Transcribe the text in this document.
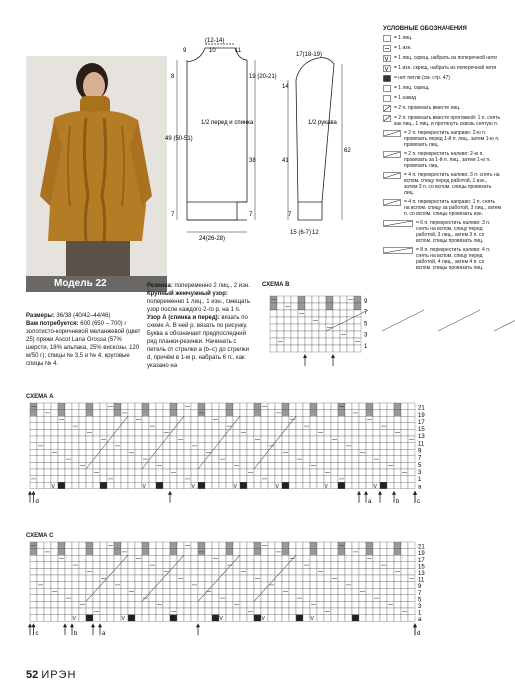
Модель 22
Размеры: 36/38 (40/42–44/46)
Вам потребуется: 600 (650 – 700) г золотисто-коричневой меланжевой (цвет 25) пряжи Ascot Lana Grossa (57% шерсти, 18% альпака, 25% вискозы, 120 м/50 г); спицы № 3,5 и № 4, круговые спицы № 4.
Резинка: попеременно 2 лиц., 2 изн.
Крупный жемчужный узор: попеременно 1 лиц., 1 изн., смещать узор после каждого 2-го р. на 1 п.
Узор А (спинка и перед): вязать по схеме А. В ней р. вязать по рисунку. Буква а обозначает предпоследний ряд планки-резинки. Начинать с петель от стрелки а (b–c) до стрелки d, причём в 1-м р. набрать 6 п., как указано на
(12-14)
9	10	11
8	19 (20-21)
1/2 перед и спинка
49 (50-51)
38
7	7
24(26-28)
17(18-19)
14
1/2 рукава
41
62
7
15 (6-7) 12
УСЛОВНЫЕ ОБОЗНАЧЕНИЯ
= 1 лиц.
= 1 изн.
V = 1 лиц. скрещ. набрать из поперечной нити
V = 1 изн. скрещ. набрать из поперечной нити
= нет петли (см. стр. 47)
= 1 лиц. скрещ.
= 1 накид
= 2 п. провязать вместе лиц.
= 2 п. провязать вместе протяжкой: 1 п. снять как лиц., 1 лиц. и протянуть сквозь снятую п.
= 2 п. перекрестить направо: 2-ю п. провязать перед 1-й п. лиц., затем 1-ю п. провязать лиц.
= 2 п. перекрестить налево: 2-ю п. провязать за 1-й п. лиц., затем 1-ю п. провязать лиц.
= 4 п. перекрестить налево: 3 п. снять на вспом. спицу перед работой, 1 изн., затем 3 п. со вспом. спицы провязать лиц.
= 4 п. перекрестить направо: 1 п. снять на вспом. спицу за работой, 3 лиц., затем п. со вспом. спицы провязать изн.
= 6 п. перекрестить налево: 3 п. снять на вспом. спицу перед работой, 3 лиц., затем 3 п. со вспом. спицы провязать лиц.
= 8 п. перекрестить налево: 4 п. снять на вспом. спицу перед работой, 4 лиц., затем 4 п. со вспом. спицы провязать лиц.
СХЕМА В
9
7
5
3
1
СХЕМА А
V	V	V	V	V	V	V
21
19
17
15
13
11
9
7
5
3
1
a
d	a	b	c
СХЕМА С
V	V	V	V	V	V
21
19
17
15
13
11
9
7
5
3
1
a
c	b	a	d
52 ИРЭН
